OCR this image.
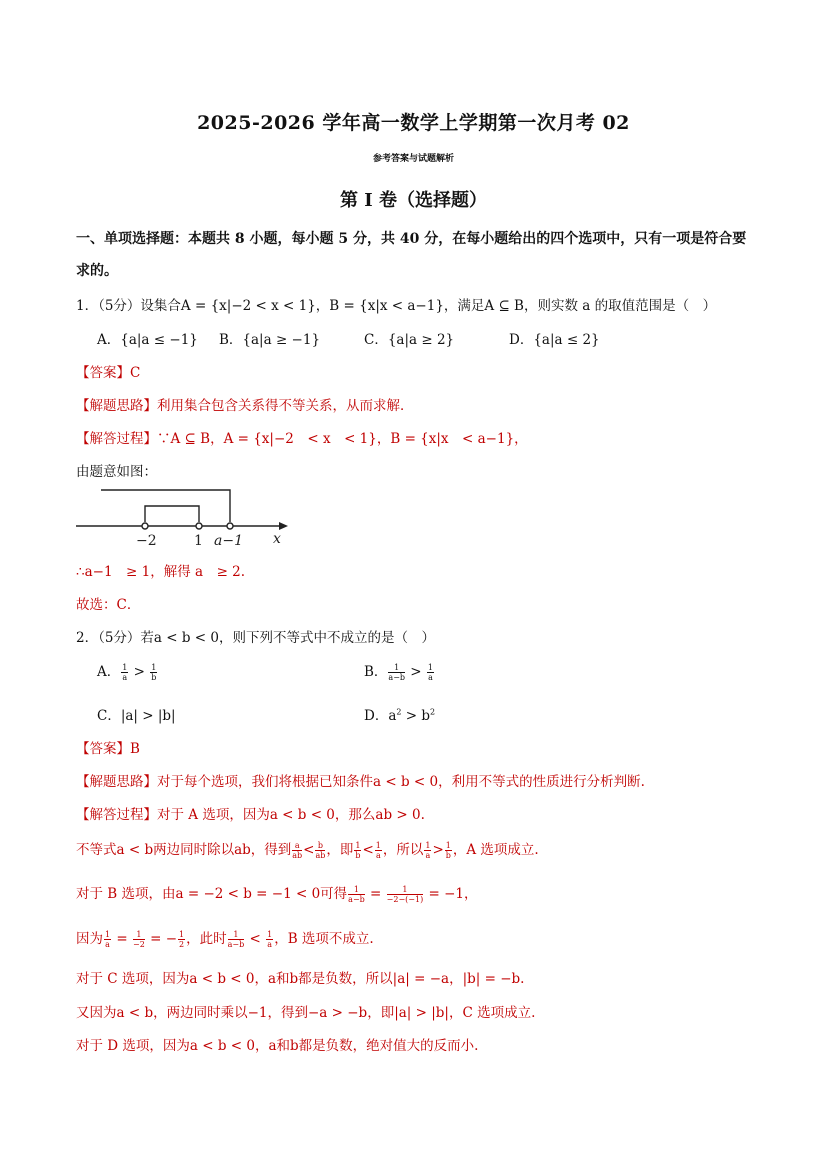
2025-2026 学年高一数学上学期第一次月考 02
参考答案与试题解析
第 I 卷（选择题）
一、单项选择题：本题共 8 小题，每小题 5 分，共 40 分，在每小题给出的四个选项中，只有一项是符合要
求的。
1．（5分）设集合A = {x|−2 < x < 1}，B = {x|x < a−1}，满足A ⊆ B，则实数 a 的取值范围是（　）
A．{a|a ≤ −1} B．{a|a ≥ −1}	C．{a|a ≥ 2}	D．{a|a ≤ 2}
【答案】C
【解题思路】利用集合包含关系得不等关系，从而求解．
【解答过程】∵A ⊆ B，A = {x|−2　< x　< 1}，B = {x|x　< a−1}，
由题意如图：
−2	1 a−1 x
∴a−1　≥ 1，解得 a　≥ 2.
故选：C．
2．（5分）若a < b < 0，则下列不等式中不成立的是（　）
A． $\frac{1}{a} > \frac{1}{b}$	B． $\frac{1}{a-b} > \frac{1}{a}$
C．|a| > |b|	D．$a^2 > b^2$
【答案】B
【解题思路】对于每个选项，我们将根据已知条件a < b < 0，利用不等式的性质进行分析判断.
【解答过程】对于 A 选项，因为a < b < 0，那么ab > 0.
不等式a < b两边同时除以ab，得到 $\frac{a}{ab} < \frac{b}{ab}$ ，即 $\frac{1}{b} < \frac{1}{a}$ ，所以 $\frac{1}{a} > \frac{1}{b}$ ，A 选项成立.
对于 B 选项，由a = −2 < b = −1 < 0可得 $\frac{1}{a-b} = \frac{1}{-2-(-1)} = -1$，
因为 $\frac{1}{a} = \frac{1}{-2}$ = − $\frac{1}{2}$ ，此时 $\frac{1}{a-b} < \frac{1}{a}$ ，B 选项不成立.
对于 C 选项，因为a < b < 0，a和b都是负数，所以|a| = −a，|b| = −b.
又因为a < b，两边同时乘以−1，得到−a > −b，即|a| > |b|，C 选项成立.
对于 D 选项，因为a < b < 0，a和b都是负数，绝对值大的反而小.
